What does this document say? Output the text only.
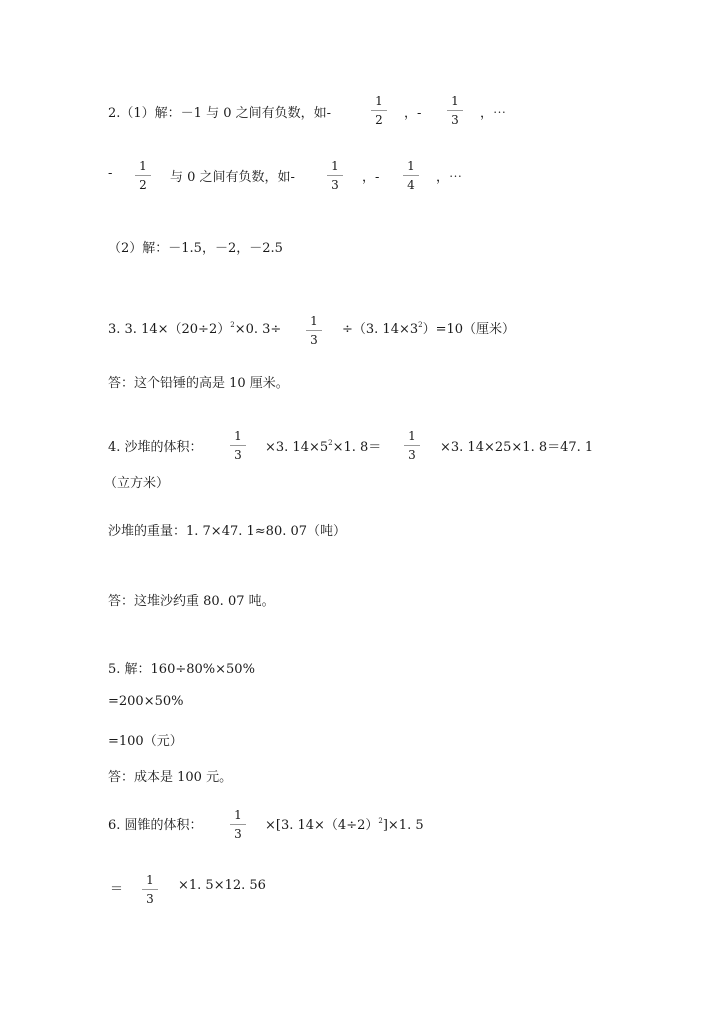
2.（1）解：－1 与 0 之间有负数，如-
1
2	，-
1
3	，⋯
-	1
2	与 0 之间有负数，如-
1
3	，-
1
4	，⋯
（2）解：－1.5，－2，－2.5
3. 3. $14\times(20\div 2)^2\times 0$. 3÷
1
3
÷（3. $14\times 3^2)=10$（厘米）
答：这个铅锤的高是 10 厘米。
4. 沙堆的体积：
1
3	×3. $14\times 5^2\times 1$. 8＝
1
3	×3. 14×25×1. 8＝47. 1
（立方米）
沙堆的重量：1. 7×47. 1≈80. 07（吨）
答：这堆沙约重 80. 07 吨。
5. 解：160÷80%×50%
=200×50%
=100（元）
答：成本是 100 元。
6. 圆锥的体积：
1
3
×[3. $14\times(4\div 2)^2]\times 1$. 5
＝
1
3
×1. 5×12. 56
